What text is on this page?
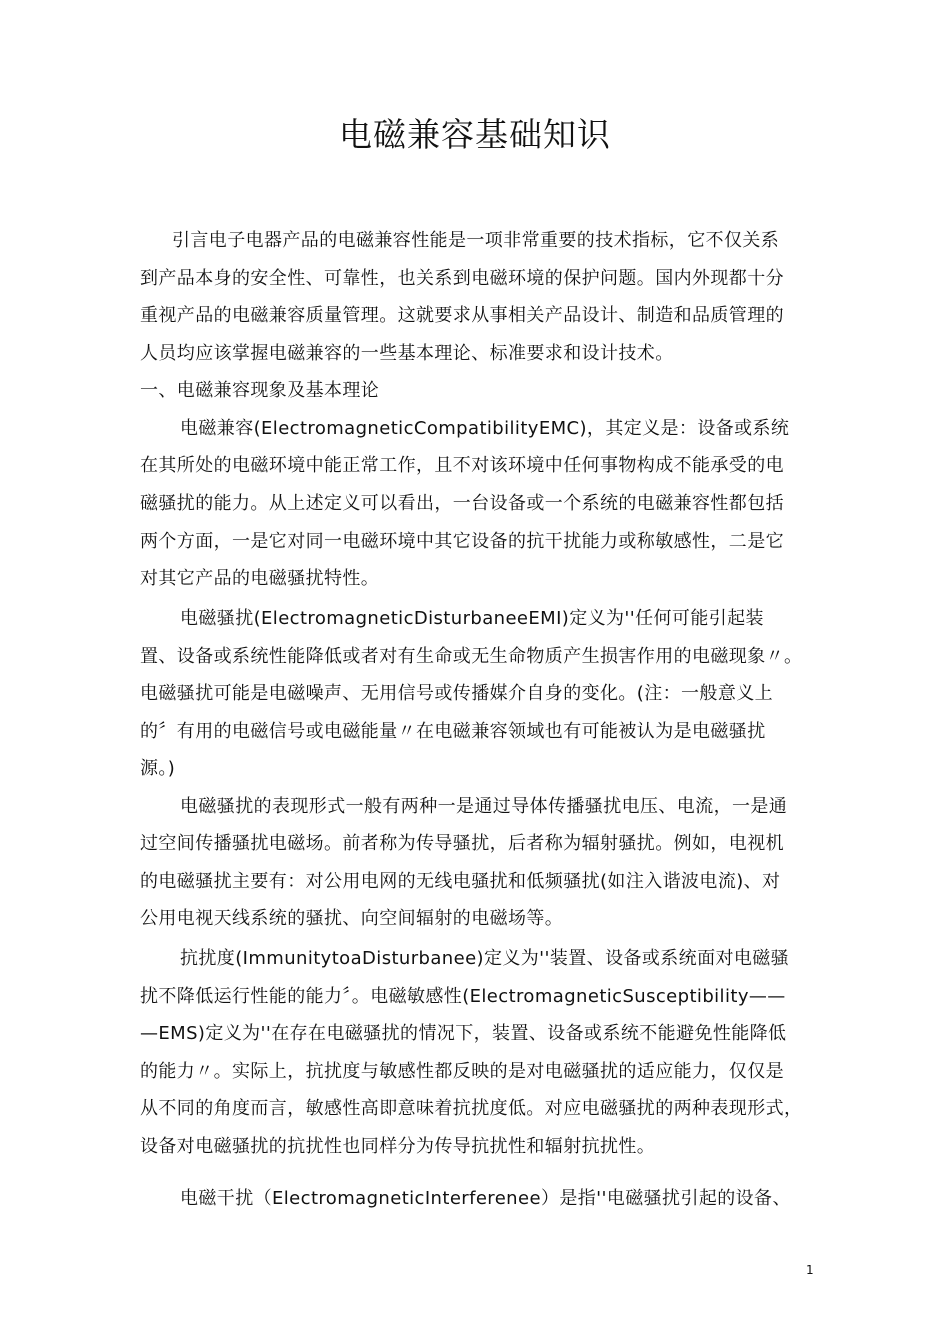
电磁兼容基础知识

引言电子电器产品的电磁兼容性能是一项非常重要的技术指标，它不仅关系

到产品本身的安全性、可靠性，也关系到电磁环境的保护问题。国内外现都十分

重视产品的电磁兼容质量管理。这就要求从事相关产品设计、制造和品质管理的

人员均应该掌握电磁兼容的一些基本理论、标准要求和设计技术。

一、电磁兼容现象及基本理论

电磁兼容(ElectromagneticCompatibilityEMC)，其定义是：设备或系统

在其所处的电磁环境中能正常工作，且不对该环境中任何事物构成不能承受的电

磁骚扰的能力。从上述定义可以看出，一台设备或一个系统的电磁兼容性都包括

两个方面，一是它对同一电磁环境中其它设备的抗干扰能力或称敏感性，二是它

对其它产品的电磁骚扰特性。

电磁骚扰(ElectromagneticDisturbaneeEMI)定义为''任何可能引起装

置、设备或系统性能降低或者对有生命或无生命物质产生损害作用的电磁现象〃。

电磁骚扰可能是电磁噪声、无用信号或传播媒介自身的变化。(注：一般意义上

的〞有用的电磁信号或电磁能量〃在电磁兼容领域也有可能被认为是电磁骚扰

源。)

电磁骚扰的表现形式一般有两种一是通过导体传播骚扰电压、电流，一是通

过空间传播骚扰电磁场。前者称为传导骚扰，后者称为辐射骚扰。例如，电视机

的电磁骚扰主要有：对公用电网的无线电骚扰和低频骚扰(如注入谐波电流)、对

公用电视天线系统的骚扰、向空间辐射的电磁场等。

抗扰度(ImmunitytoaDisturbanee)定义为''装置、设备或系统面对电磁骚

扰不降低运行性能的能力〞。电磁敏感性(ElectromagneticSusceptibility——

—EMS)定义为''在存在电磁骚扰的情况下，装置、设备或系统不能避免性能降低

的能力〃。实际上，抗扰度与敏感性都反映的是对电磁骚扰的适应能力，仅仅是

从不同的角度而言，敏感性高即意味着抗扰度低。对应电磁骚扰的两种表现形式，

设备对电磁骚扰的抗扰性也同样分为传导抗扰性和辐射抗扰性。

电磁干扰（ElectromagneticInterferenee）是指''电磁骚扰引起的设备、

1
